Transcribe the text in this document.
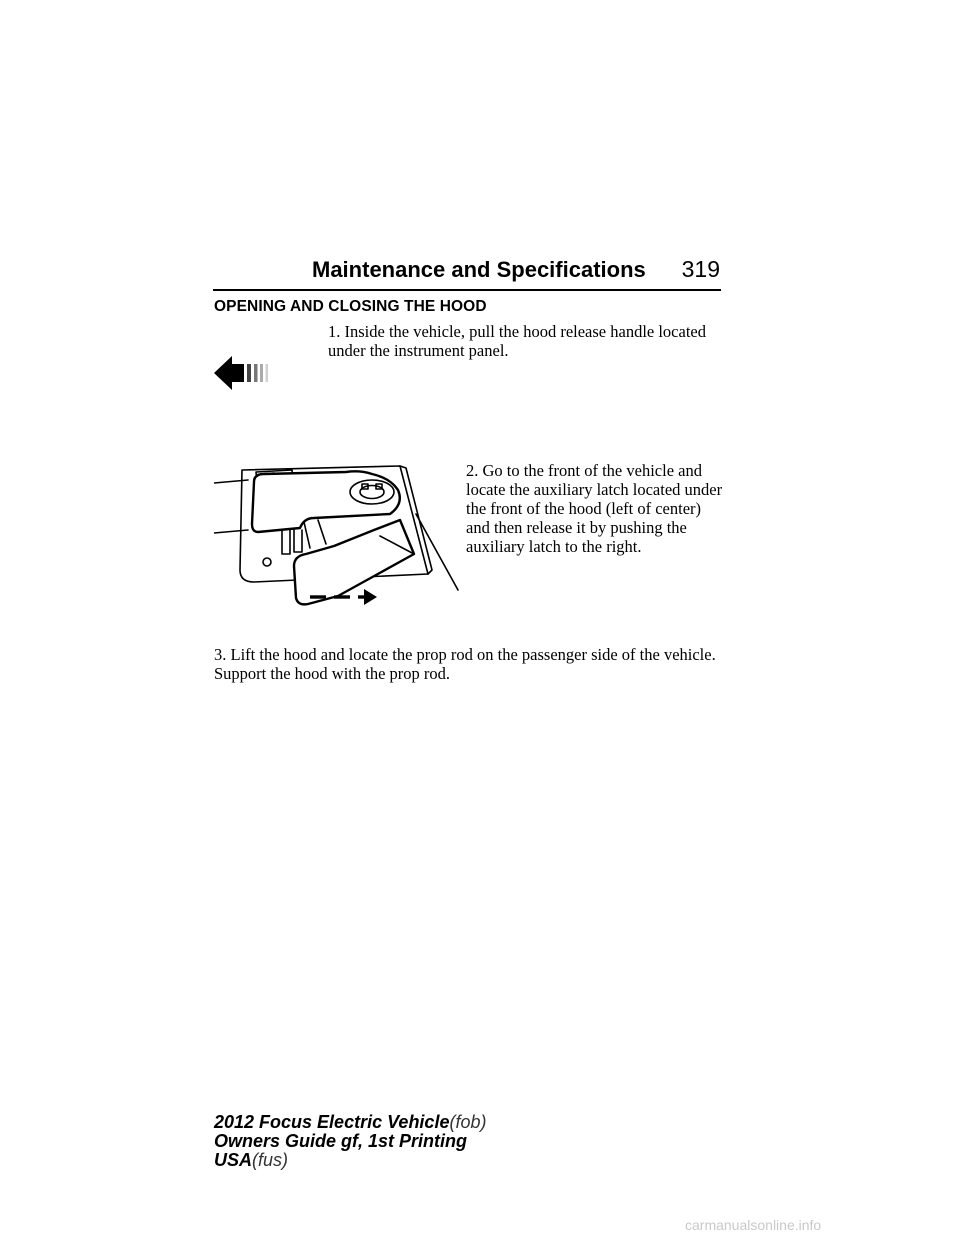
Maintenance and Specifications	319
OPENING AND CLOSING THE HOOD
1. Inside the vehicle, pull the hood release handle located under the instrument panel.
2. Go to the front of the vehicle and locate the auxiliary latch located under the front of the hood (left of center) and then release it by pushing the auxiliary latch to the right.
3. Lift the hood and locate the prop rod on the passenger side of the vehicle. Support the hood with the prop rod.
2012 Focus Electric Vehicle(fob)
Owners Guide gf, 1st Printing
USA(fus)
carmanualsonline.info
